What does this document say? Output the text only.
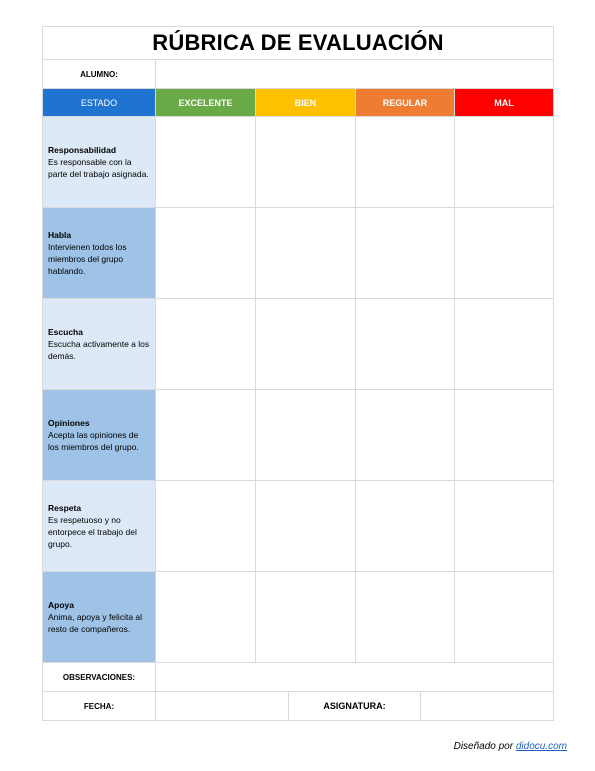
RÚBRICA DE EVALUACIÓN				
ALUMNO:				
ESTADO	EXCELENTE	BIEN	REGULAR	MAL

Responsabilidad
Es responsable con la parte del trabajo asignada.				

Habla
Intervienen todos los miembros del grupo hablando.				

Escucha
Escucha activamente a los demás.				

Opiniones
Acepta las opiniones de los miembros del grupo.				

Respeta
Es respetuoso y no entorpece el trabajo del grupo.				

Apoya
Anima, apoya y felicita al resto de compañeros.				

OBSERVACIONES:				
FECHA:		ASIGNATURA:	
Diseñado por didocu.com
